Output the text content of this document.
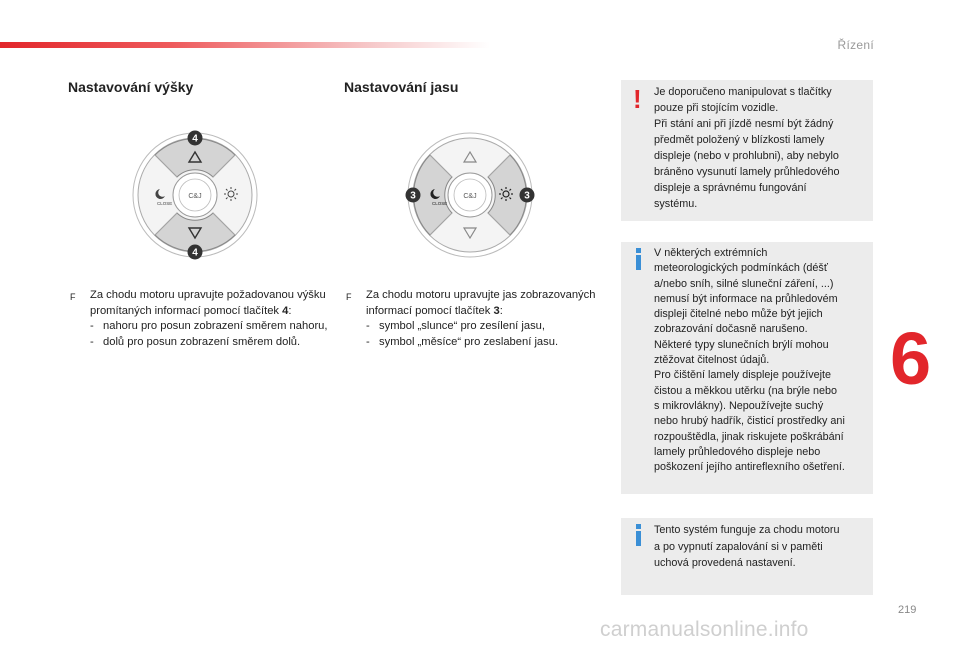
Řízení
Nastavování výšky
CLOSE
C&J
4
4
F Za chodu motoru upravujte požadovanou výšku promítaných informací pomocí tlačítek 4:
- nahoru pro posun zobrazení směrem nahoru,
- dolů pro posun zobrazení směrem dolů.
Nastavování jasu
CLOSE
C&J
3	3
F Za chodu motoru upravujte jas zobrazovaných informací pomocí tlačítek 3:
- symbol „slunce“ pro zesílení jasu,
- symbol „měsíce“ pro zeslabení jasu.
! Je doporučeno manipulovat s tlačítky
pouze při stojícím vozidle.
Při stání ani při jízdě nesmí být žádný
předmět položený v blízkosti lamely
displeje (nebo v prohlubni), aby nebylo
bráněno vysunutí lamely průhledového
displeje a správnému fungování
systému.
V některých extrémních
meteorologických podmínkách (déšť
a/nebo sníh, silné sluneční záření, ...)
nemusí být informace na průhledovém
displeji čitelné nebo může být jejich
zobrazování dočasně narušeno.
Některé typy slunečních brýlí mohou
ztěžovat čitelnost údajů.
Pro čištění lamely displeje používejte
čistou a měkkou utěrku (na brýle nebo
s mikrovlákny). Nepoužívejte suchý
nebo hrubý hadřík, čisticí prostředky ani
rozpouštědla, jinak riskujete poškrábání
lamely průhledového displeje nebo
poškození jejího antireflexního ošetření.
Tento systém funguje za chodu motoru
a po vypnutí zapalování si v paměti
uchová provedená nastavení.
6
219
carmanualsonline.info
